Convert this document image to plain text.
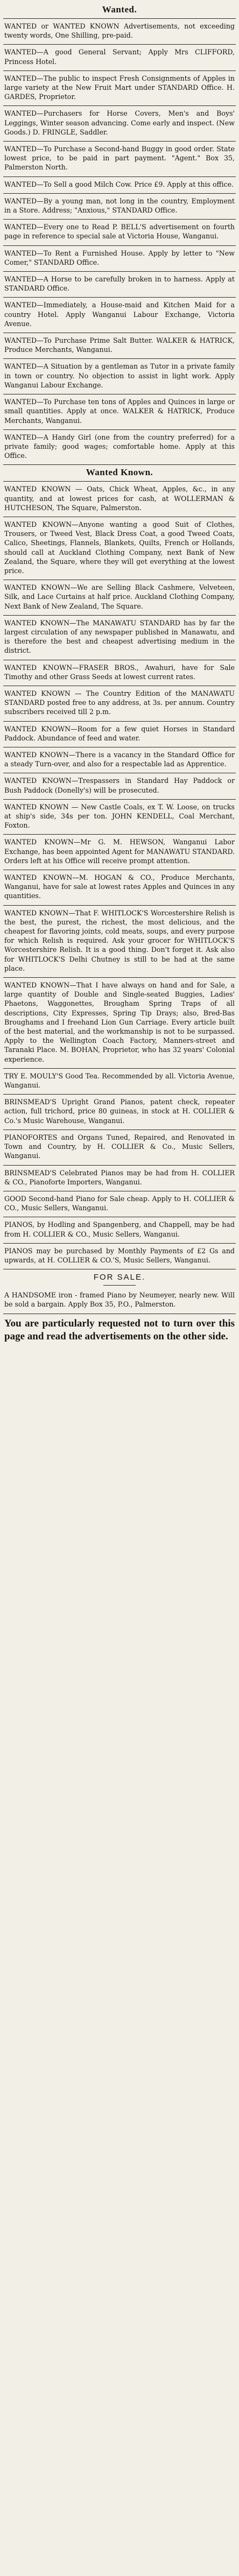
Wanted.

WANTED or WANTED KNOWN Advertisements, not exceeding twenty words, One Shilling, pre-paid.

WANTED—A good General Servant; Apply Mrs CLIFFORD, Princess Hotel.

WANTED—The public to inspect Fresh Consignments of Apples in large variety at the New Fruit Mart under STANDARD Office. H. GARDES, Proprietor.

WANTED—Purchasers for Horse Covers, Men's and Boys' Leggings, Winter season advancing. Come early and inspect. (New Goods.) D. FRINGLE, Saddler.

WANTED—To Purchase a Second-hand Buggy in good order. State lowest price, to be paid in part payment. "Agent." Box 35, Palmerston North.

WANTED—To Sell a good Milch Cow. Price £9. Apply at this office.

WANTED—By a young man, not long in the country, Employment in a Store. Address; "Anxious," STANDARD Office.

WANTED—Every one to Read P. BELL'S advertisement on fourth page in reference to special sale at Victoria House, Wanganui.

WANTED—To Rent a Furnished House. Apply by letter to "New Comer," STANDARD Office.

WANTED—A Horse to be carefully broken in to harness. Apply at STANDARD Office.

WANTED—Immediately, a House-maid and Kitchen Maid for a country Hotel. Apply Wanganui Labour Exchange, Victoria Avenue.

WANTED—To Purchase Prime Salt Butter. WALKER & HATRICK, Produce Merchants, Wanganui.

WANTED—A Situation by a gentleman as Tutor in a private family in town or country. No objection to assist in light work. Apply Wanganui Labour Exchange.

WANTED—To Purchase ten tons of Apples and Quinces in large or small quantities. Apply at once. WALKER & HATRICK, Produce Merchants, Wanganui.

WANTED—A Handy Girl (one from the country preferred) for a private family; good wages; comfortable home. Apply at this Office.

Wanted Known.

WANTED KNOWN — Oats, Chick Wheat, Apples, &c., in any quantity, and at lowest prices for cash, at WOLLERMAN & HUTCHESON, The Square, Palmerston.

WANTED KNOWN—Anyone wanting a good Suit of Clothes, Trousers, or Tweed Vest, Black Dress Coat, a good Tweed Coats, Calico, Sheetings, Flannels, Blankets, Quilts, French or Hollands, should call at Auckland Clothing Company, next Bank of New Zealand, the Square, where they will get everything at the lowest price.

WANTED KNOWN—We are Selling Black Cashmere, Velveteen, Silk, and Lace Curtains at half price. Auckland Clothing Company, Next Bank of New Zealand, The Square.

WANTED KNOWN—The MANAWATU STANDARD has by far the largest circulation of any newspaper published in Manawatu, and is therefore the best and cheapest advertising medium in the district.

WANTED KNOWN—FRASER BROS., Awahuri, have for Sale Timothy and other Grass Seeds at lowest current rates.

WANTED KNOWN — The Country Edition of the MANAWATU STANDARD posted free to any address, at 3s. per annum. Country subscribers received till 2 p.m.

WANTED KNOWN—Room for a few quiet Horses in Standard Paddock. Abundance of feed and water.

WANTED KNOWN—There is a vacancy in the Standard Office for a steady Turn-over, and also for a respectable lad as Apprentice.

WANTED KNOWN—Trespassers in Standard Hay Paddock or Bush Paddock (Donelly's) will be prosecuted.

WANTED KNOWN — New Castle Coals, ex T. W. Loose, on trucks at ship's side, 34s per ton. JOHN KENDELL, Coal Merchant, Foxton.

WANTED KNOWN—Mr G. M. HEWSON, Wanganui Labor Exchange, has been appointed Agent for MANAWATU STANDARD. Orders left at his Office will receive prompt attention.

WANTED KNOWN—M. HOGAN & CO., Produce Merchants, Wanganui, have for sale at lowest rates Apples and Quinces in any quantities.

WANTED KNOWN—That F. WHITLOCK'S Worcestershire Relish is the best, the purest, the richest, the most delicious, and the cheapest for flavoring joints, cold meats, soups, and every purpose for which Relish is required. Ask your grocer for WHITLOCK'S Worcestershire Relish. It is a good thing. Don't forget it. Ask also for WHITLOCK'S Delhi Chutney is still to be had at the same place.

WANTED KNOWN—That I have always on hand and for Sale, a large quantity of Double and Single-seated Buggies, Ladies' Phaetons, Waggonettes, Brougham Spring Traps of all descriptions, City Expresses, Spring Tip Drays; also, Bred-Bas Broughams and I freehand Lion Gun Carriage. Every article built of the best material, and the workmanship is not to be surpassed. Apply to the Wellington Coach Factory, Manners-street and Taranaki Place. M. BOHAN, Proprietor, who has 32 years' Colonial experience.

TRY E. MOULY'S Good Tea. Recommended by all. Victoria Avenue, Wanganui.

BRINSMEAD'S Upright Grand Pianos, patent check, repeater action, full trichord, price 80 guineas, in stock at H. COLLIER & Co.'s Music Warehouse, Wanganui.

PIANOFORTES and Organs Tuned, Repaired, and Renovated in Town and Country, by H. COLLIER & Co., Music Sellers, Wanganui.

BRINSMEAD'S Celebrated Pianos may be had from H. COLLIER & CO., Pianoforte Importers, Wanganui.

GOOD Second-hand Piano for Sale cheap. Apply to H. COLLIER & CO., Music Sellers, Wanganui.

PIANOS, by Hodling and Spangenberg, and Chappell, may be had from H. COLLIER & CO., Music Sellers, Wanganui.

PIANOS may be purchased by Monthly Payments of £2 Gs and upwards, at H. COLLIER & CO.'S, Music Sellers, Wanganui.

FOR SALE.

A HANDSOME iron - framed Piano by Neumeyer, nearly new. Will be sold a bargain. Apply Box 35, P.O., Palmerston.

You are particularly requested not to turn over this page and read the advertisements on the other side.
